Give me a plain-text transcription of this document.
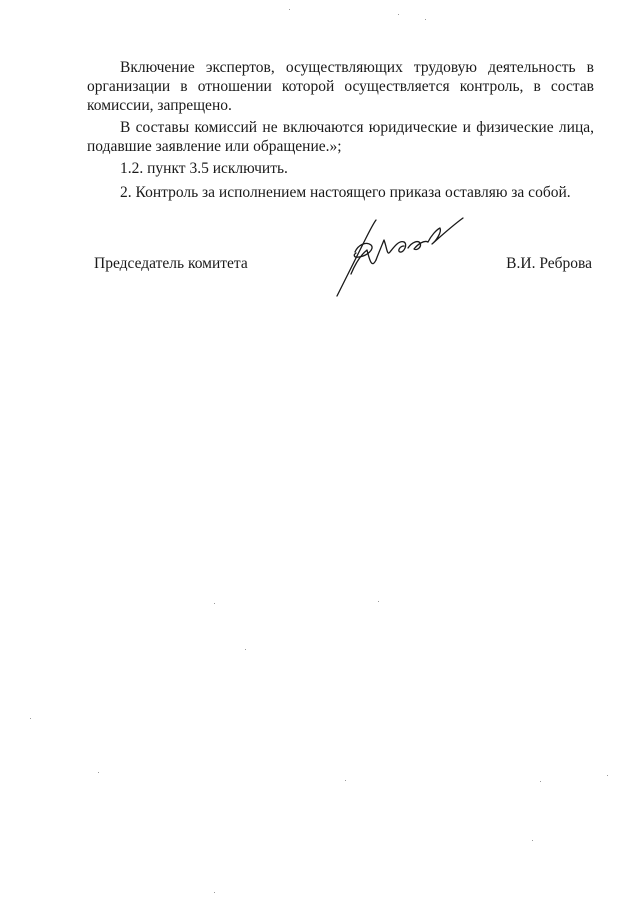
Включение экспертов, осуществляющих трудовую деятельность в организации в отношении которой осуществляется контроль, в состав комиссии, запрещено.

В составы комиссий не включаются юридические и физические лица, подавшие заявление или обращение.»;

1.2. пункт 3.5 исключить.

2. Контроль за исполнением настоящего приказа оставляю за собой.

Председатель комитета	В.И. Реброва
